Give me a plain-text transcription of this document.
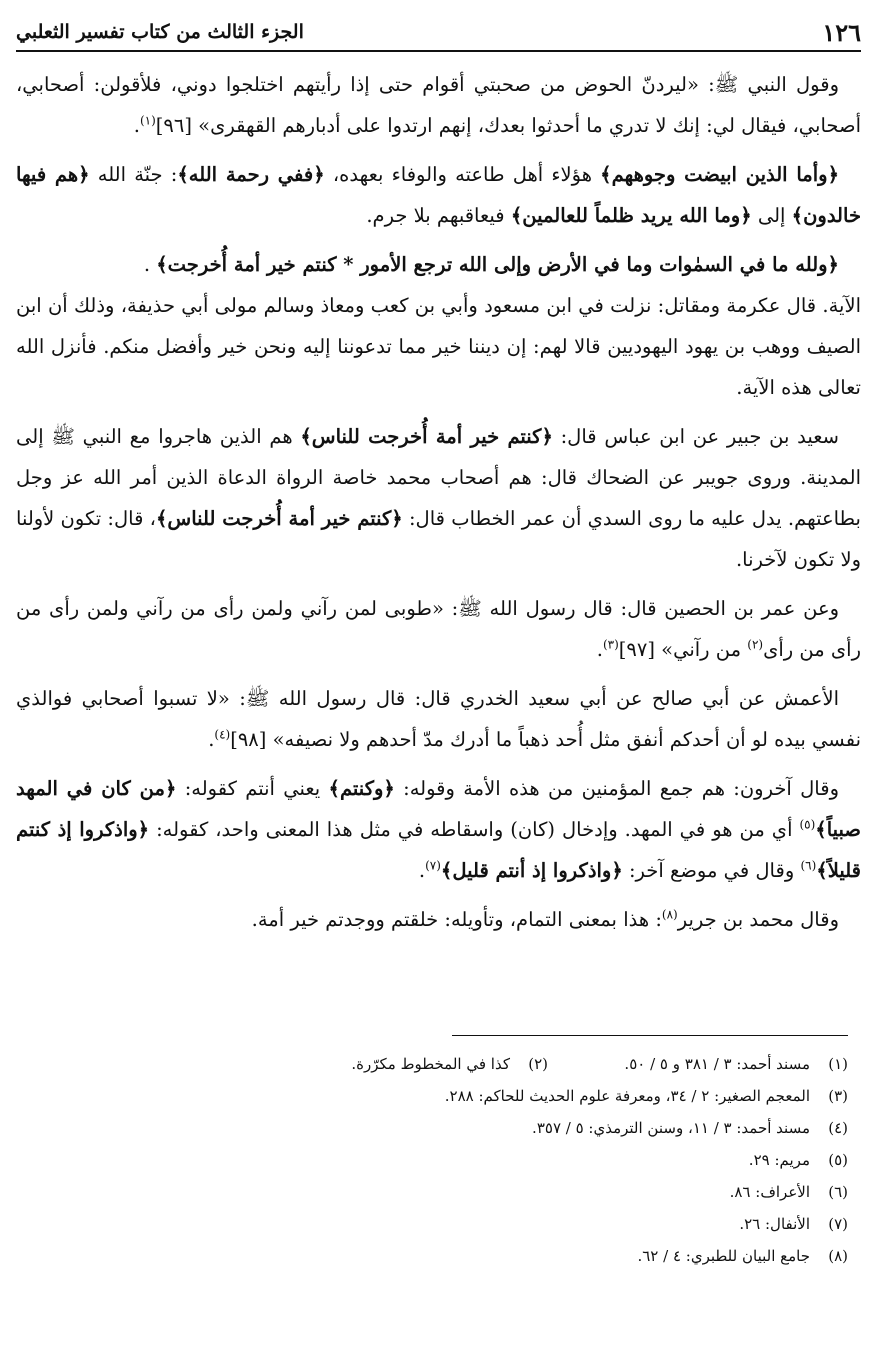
١٢٦
الجزء الثالث من كتاب تفسير الثعلبي

وقول النبي ﷺ: «ليردنّ الحوض من صحبتي أقوام حتى إذا رأيتهم اختلجوا دوني، فلأقولن: أصحابي، أصحابي، فيقال لي: إنك لا تدري ما أحدثوا بعدك، إنهم ارتدوا على أدبارهم القهقرى» [٩٦]$^{(١)}$.

﴿وأما الذين ابيضت وجوههم﴾ هؤلاء أهل طاعته والوفاء بعهده، ﴿ففي رحمة الله﴾: جنّة الله ﴿هم فيها خالدون﴾ إلى ﴿وما الله يريد ظلماً للعالمين﴾ فيعاقبهم بلا جرم.

﴿ولله ما في السمٰوات وما في الأرض وإلى الله ترجع الأمور * كنتم خير أمة أُخرجت﴾ .

الآية. قال عكرمة ومقاتل: نزلت في ابن مسعود وأبي بن كعب ومعاذ وسالم مولى أبي حذيفة، وذلك أن ابن الصيف ووهب بن يهود اليهوديين قالا لهم: إن ديننا خير مما تدعوننا إليه ونحن خير وأفضل منكم. فأنزل الله تعالى هذه الآية.

سعيد بن جبير عن ابن عباس قال: ﴿كنتم خير أمة أُخرجت للناس﴾ هم الذين هاجروا مع النبي ﷺ إلى المدينة. وروى جويبر عن الضحاك قال: هم أصحاب محمد خاصة الرواة الدعاة الذين أمر الله عز وجل بطاعتهم. يدل عليه ما روى السدي أن عمر الخطاب قال: ﴿كنتم خير أمة أُخرجت للناس﴾، قال: تكون لأولنا ولا تكون لآخرنا.

وعن عمر بن الحصين قال: قال رسول الله ﷺ: «طوبى لمن رآني ولمن رأى من رآني ولمن رأى من رأى من رأى$^{(٢)}$ من رآني» [٩٧]$^{(٣)}$.

الأعمش عن أبي صالح عن أبي سعيد الخدري قال: قال رسول الله ﷺ: «لا تسبوا أصحابي فوالذي نفسي بيده لو أن أحدكم أنفق مثل أُحد ذهباً ما أدرك مدّ أحدهم ولا نصيفه» [٩٨]$^{(٤)}$.

وقال آخرون: هم جمع المؤمنين من هذه الأمة وقوله: ﴿وكنتم﴾ يعني أنتم كقوله: ﴿من كان في المهد صبياً﴾$^{(٥)}$ أي من هو في المهد. وإدخال (كان) واسقاطه في مثل هذا المعنى واحد، كقوله: ﴿واذكروا إذ كنتم قليلاً﴾$^{(٦)}$ وقال في موضع آخر: ﴿واذكروا إذ أنتم قليل﴾$^{(٧)}$.

وقال محمد بن جرير$^{(٨)}$: هذا بمعنى التمام، وتأويله: خلقتم ووجدتم خير أمة.

(١)
مسند أحمد: ٣ / ٣٨١ و ٥ / ٥٠.
(٢)
كذا في المخطوط مكرّرة.
(٣)
المعجم الصغير: ٢ / ٣٤، ومعرفة علوم الحديث للحاكم: ٢٨٨.
(٤)
مسند أحمد: ٣ / ١١، وسنن الترمذي: ٥ / ٣٥٧.
(٥)
مريم: ٢٩.
(٦)
الأعراف: ٨٦.
(٧)
الأنفال: ٢٦.
(٨)
جامع البيان للطبري: ٤ / ٦٢.
